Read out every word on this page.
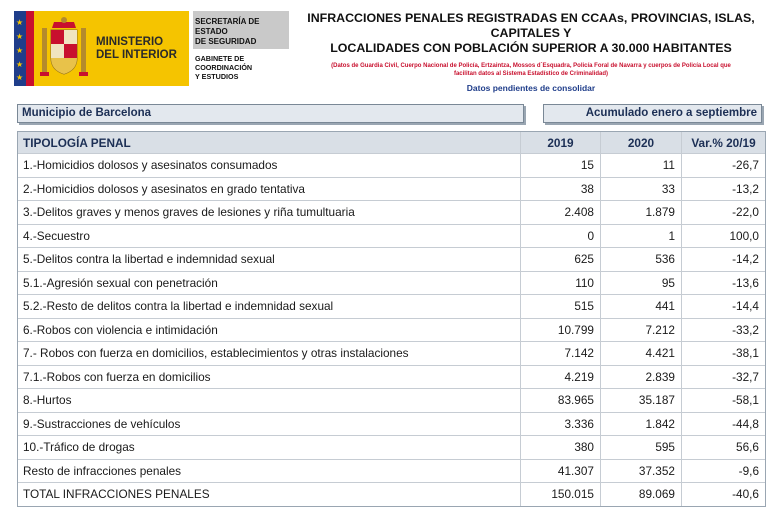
★
★
★
★
★
MINISTERIO
DEL INTERIOR
SECRETARÍA DE ESTADO
DE SEGURIDAD
GABINETE DE COORDINACIÓN
Y ESTUDIOS
INFRACCIONES PENALES REGISTRADAS EN CCAAs, PROVINCIAS, ISLAS, CAPITALES Y
LOCALIDADES CON POBLACIÓN SUPERIOR A 30.000 HABITANTES
(Datos de Guardia Civil, Cuerpo Nacional de Policía, Ertzaintza, Mossos d´Esquadra, Policía Foral de Navarra y cuerpos de Policía Local que
facilitan datos al Sistema Estadístico de Criminalidad)
Datos pendientes de consolidar
Municipio de Barcelona	Acumulado enero a septiembre
TIPOLOGÍA PENAL	2019	2020	Var.% 20/19
1.-Homicidios dolosos y asesinatos consumados	15	11	-26,7
2.-Homicidios dolosos y asesinatos en grado tentativa	38	33	-13,2
3.-Delitos graves y menos graves de lesiones y riña tumultuaria	2.408	1.879	-22,0
4.-Secuestro	0	1	100,0
5.-Delitos contra la libertad e indemnidad sexual	625	536	-14,2
5.1.-Agresión sexual con penetración	110	95	-13,6
5.2.-Resto de delitos contra la libertad e indemnidad sexual	515	441	-14,4
6.-Robos con violencia e intimidación	10.799	7.212	-33,2
7.- Robos con fuerza en domicilios, establecimientos y otras instalaciones	7.142	4.421	-38,1
7.1.-Robos con fuerza en domicilios	4.219	2.839	-32,7
8.-Hurtos	83.965	35.187	-58,1
9.-Sustracciones de vehículos	3.336	1.842	-44,8
10.-Tráfico de drogas	380	595	56,6
Resto de infracciones penales	41.307	37.352	-9,6
TOTAL INFRACCIONES PENALES	150.015	89.069	-40,6
